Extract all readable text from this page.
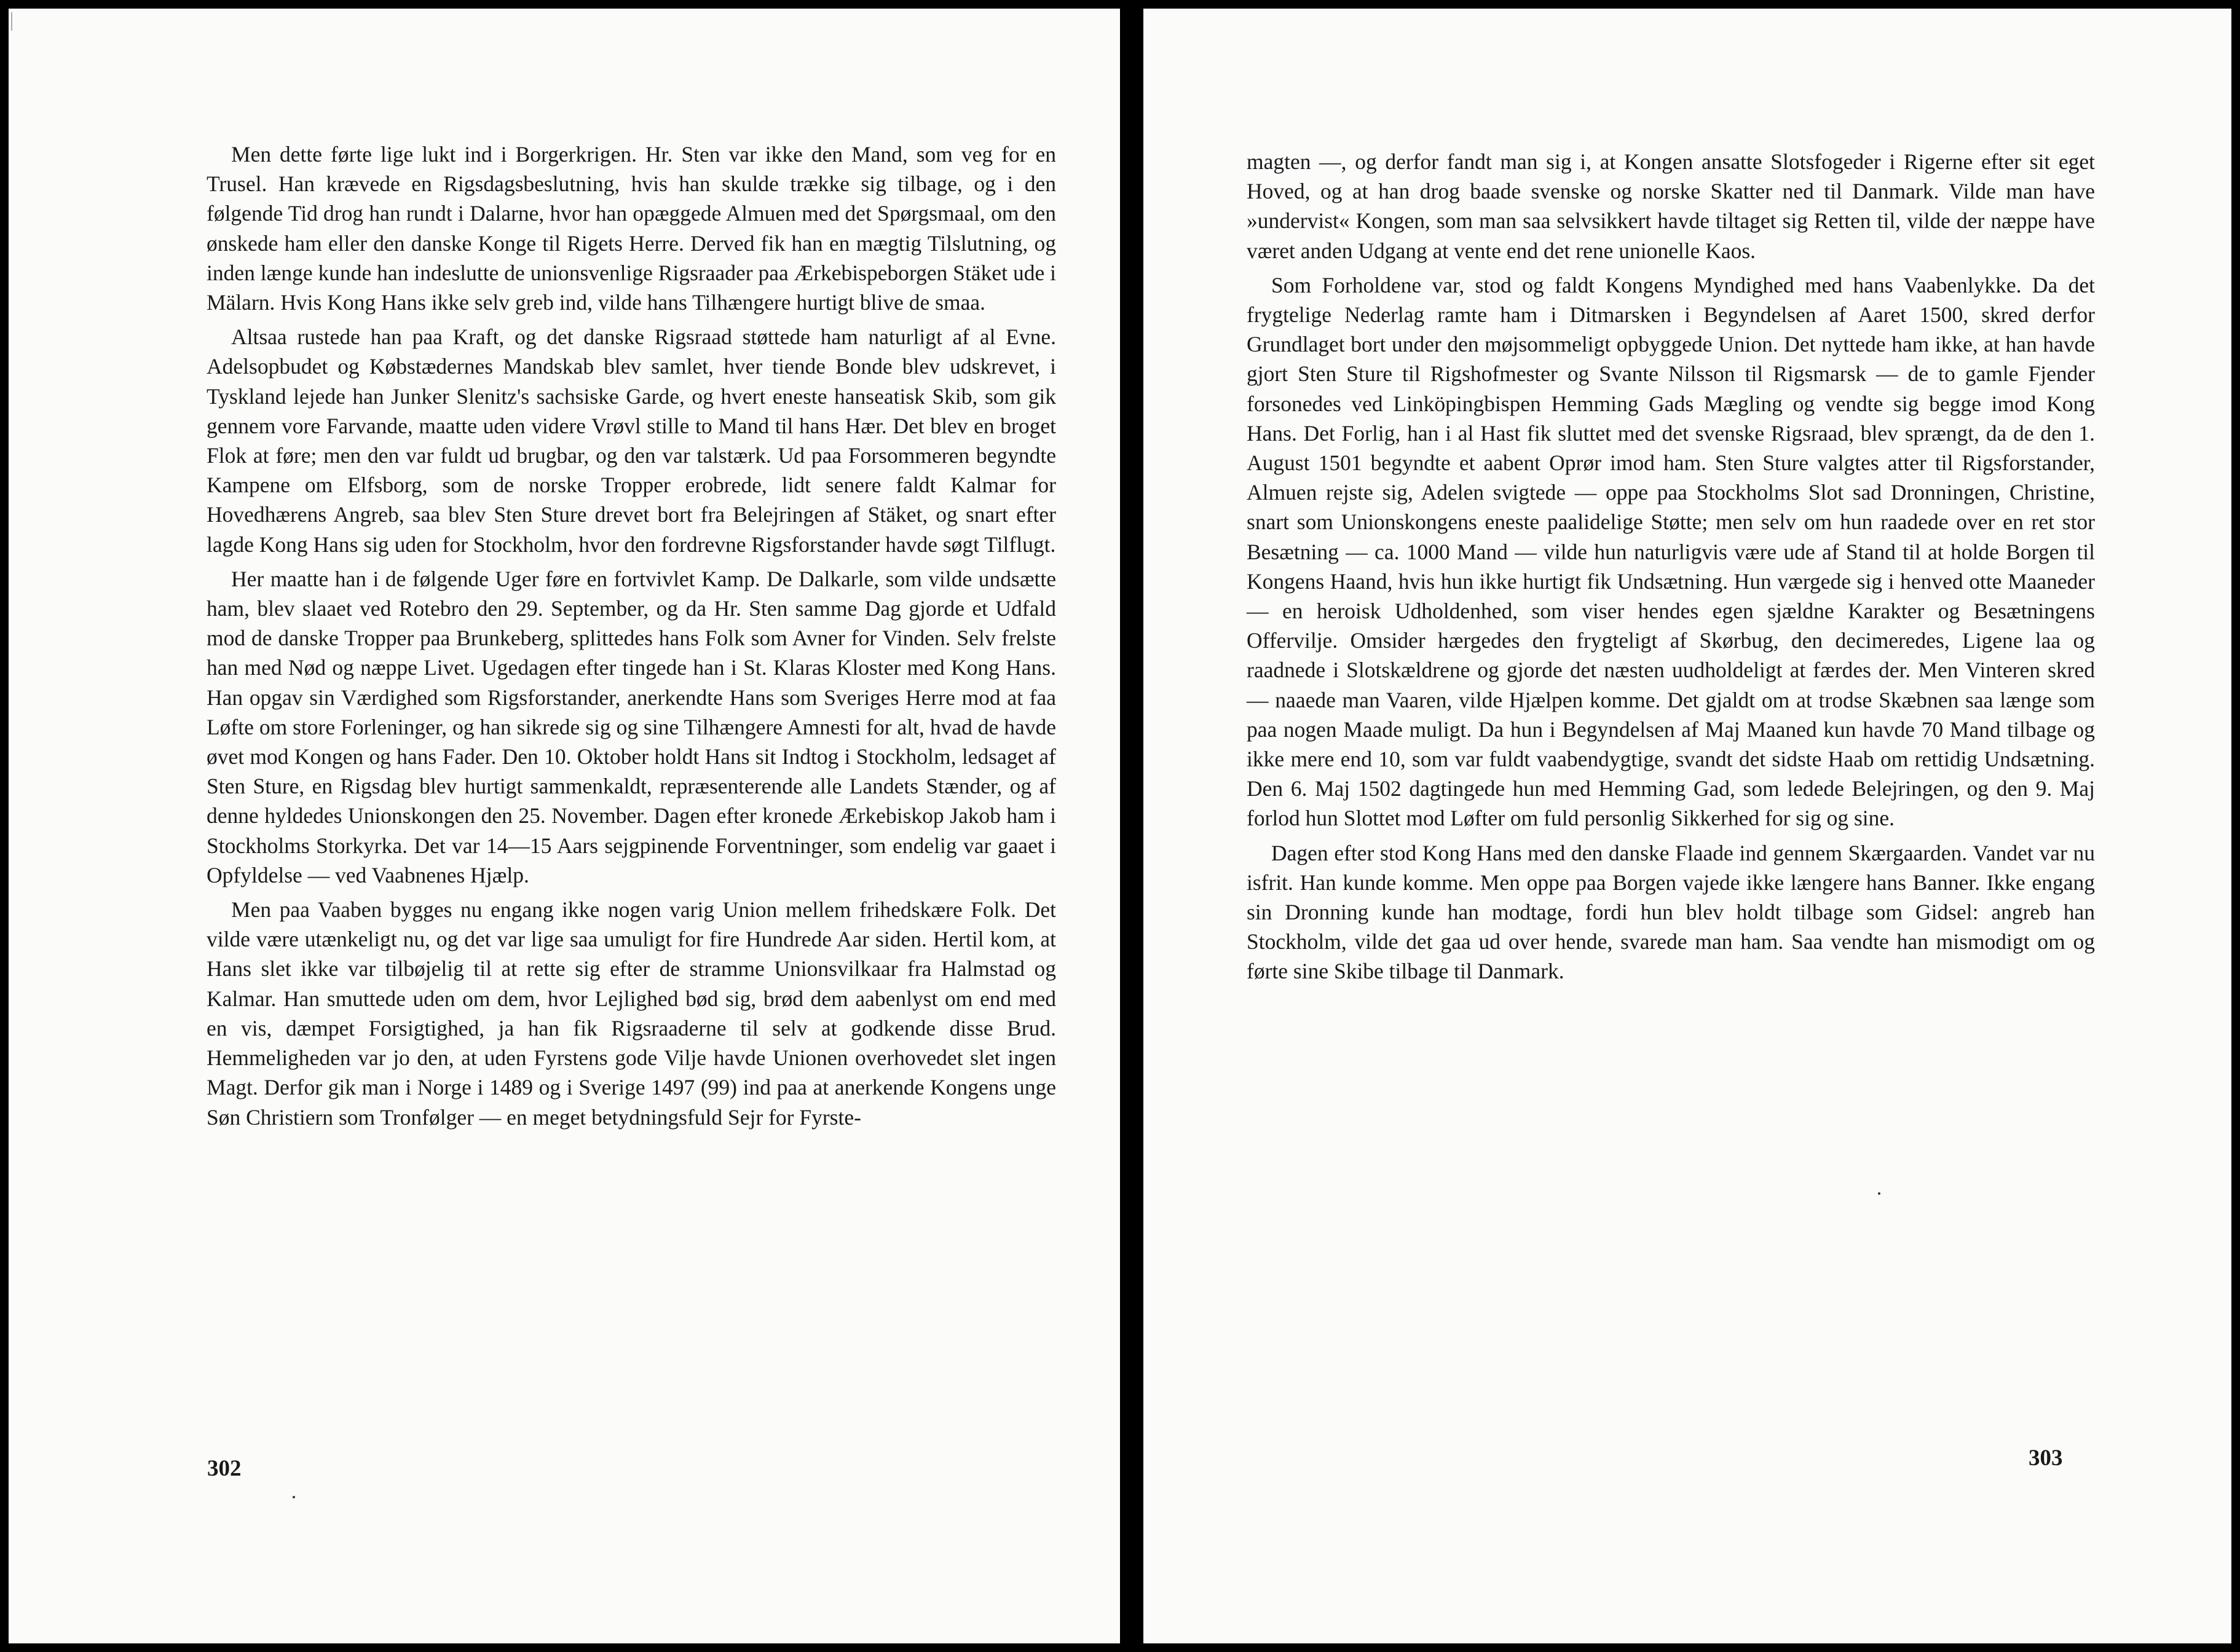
Men dette førte lige lukt ind i Borgerkrigen. Hr. Sten var ikke den Mand, som veg for en Trusel. Han krævede en Rigsdagsbeslutning, hvis han skulde trække sig tilbage, og i den følgende Tid drog han rundt i Dalarne, hvor han opæggede Almuen med det Spørgsmaal, om den ønskede ham eller den danske Konge til Rigets Herre. Derved fik han en mægtig Tilslutning, og inden længe kunde han indeslutte de unionsvenlige Rigsraader paa Ærkebispeborgen Stäket ude i Mälarn. Hvis Kong Hans ikke selv greb ind, vilde hans Tilhængere hurtigt blive de smaa.

Altsaa rustede han paa Kraft, og det danske Rigsraad støttede ham naturligt af al Evne. Adelsopbudet og Købstædernes Mandskab blev samlet, hver tiende Bonde blev udskrevet, i Tyskland lejede han Junker Slenitz's sachsiske Garde, og hvert eneste hanseatisk Skib, som gik gennem vore Farvande, maatte uden videre Vrøvl stille to Mand til hans Hær. Det blev en broget Flok at føre; men den var fuldt ud brugbar, og den var talstærk. Ud paa Forsommeren begyndte Kampene om Elfsborg, som de norske Tropper erobrede, lidt senere faldt Kalmar for Hovedhærens Angreb, saa blev Sten Sture drevet bort fra Belejringen af Stäket, og snart efter lagde Kong Hans sig uden for Stockholm, hvor den fordrevne Rigsforstander havde søgt Tilflugt.

Her maatte han i de følgende Uger føre en fortvivlet Kamp. De Dalkarle, som vilde undsætte ham, blev slaaet ved Rotebro den 29. September, og da Hr. Sten samme Dag gjorde et Udfald mod de danske Tropper paa Brunkeberg, splittedes hans Folk som Avner for Vinden. Selv frelste han med Nød og næppe Livet. Ugedagen efter tingede han i St. Klaras Kloster med Kong Hans. Han opgav sin Værdighed som Rigsforstander, anerkendte Hans som Sveriges Herre mod at faa Løfte om store Forleninger, og han sikrede sig og sine Tilhængere Amnesti for alt, hvad de havde øvet mod Kongen og hans Fader. Den 10. Oktober holdt Hans sit Indtog i Stockholm, ledsaget af Sten Sture, en Rigsdag blev hurtigt sammenkaldt, repræsenterende alle Landets Stænder, og af denne hyldedes Unionskongen den 25. November. Dagen efter kronede Ærkebiskop Jakob ham i Stockholms Storkyrka. Det var 14—15 Aars sejgpinende Forventninger, som endelig var gaaet i Opfyldelse — ved Vaabnenes Hjælp.

Men paa Vaaben bygges nu engang ikke nogen varig Union mellem frihedskære Folk. Det vilde være utænkeligt nu, og det var lige saa umuligt for fire Hundrede Aar siden. Hertil kom, at Hans slet ikke var tilbøjelig til at rette sig efter de stramme Unionsvilkaar fra Halmstad og Kalmar. Han smuttede uden om dem, hvor Lejlighed bød sig, brød dem aabenlyst om end med en vis, dæmpet Forsigtighed, ja han fik Rigsraaderne til selv at godkende disse Brud. Hemmeligheden var jo den, at uden Fyrstens gode Vilje havde Unionen overhovedet slet ingen Magt. Derfor gik man i Norge i 1489 og i Sverige 1497 (99) ind paa at anerkende Kongens unge Søn Christiern som Tronfølger — en meget betydningsfuld Sejr for Fyrste-

302

magten —, og derfor fandt man sig i, at Kongen ansatte Slotsfogeder i Rigerne efter sit eget Hoved, og at han drog baade svenske og norske Skatter ned til Danmark. Vilde man have »undervist« Kongen, som man saa selvsikkert havde tiltaget sig Retten til, vilde der næppe have været anden Udgang at vente end det rene unionelle Kaos.

Som Forholdene var, stod og faldt Kongens Myndighed med hans Vaabenlykke. Da det frygtelige Nederlag ramte ham i Ditmarsken i Begyndelsen af Aaret 1500, skred derfor Grundlaget bort under den møjsommeligt opbyggede Union. Det nyttede ham ikke, at han havde gjort Sten Sture til Rigshofmester og Svante Nilsson til Rigsmarsk — de to gamle Fjender forsonedes ved Linköpingbispen Hemming Gads Mægling og vendte sig begge imod Kong Hans. Det Forlig, han i al Hast fik sluttet med det svenske Rigsraad, blev sprængt, da de den 1. August 1501 begyndte et aabent Oprør imod ham. Sten Sture valgtes atter til Rigsforstander, Almuen rejste sig, Adelen svigtede — oppe paa Stockholms Slot sad Dronningen, Christine, snart som Unionskongens eneste paalidelige Støtte; men selv om hun raadede over en ret stor Besætning — ca. 1000 Mand — vilde hun naturligvis være ude af Stand til at holde Borgen til Kongens Haand, hvis hun ikke hurtigt fik Undsætning. Hun værgede sig i henved otte Maaneder — en heroisk Udholdenhed, som viser hendes egen sjældne Karakter og Besætningens Offervilje. Omsider hærgedes den frygteligt af Skørbug, den decimeredes, Ligene laa og raadnede i Slotskældrene og gjorde det næsten uudholdeligt at færdes der. Men Vinteren skred — naaede man Vaaren, vilde Hjælpen komme. Det gjaldt om at trodse Skæbnen saa længe som paa nogen Maade muligt. Da hun i Begyndelsen af Maj Maaned kun havde 70 Mand tilbage og ikke mere end 10, som var fuldt vaabendygtige, svandt det sidste Haab om rettidig Undsætning. Den 6. Maj 1502 dagtingede hun med Hemming Gad, som ledede Belejringen, og den 9. Maj forlod hun Slottet mod Løfter om fuld personlig Sikkerhed for sig og sine.

Dagen efter stod Kong Hans med den danske Flaade ind gennem Skærgaarden. Vandet var nu isfrit. Han kunde komme. Men oppe paa Borgen vajede ikke længere hans Banner. Ikke engang sin Dronning kunde han modtage, fordi hun blev holdt tilbage som Gidsel: angreb han Stockholm, vilde det gaa ud over hende, svarede man ham. Saa vendte han mismodigt om og førte sine Skibe tilbage til Danmark.

303
